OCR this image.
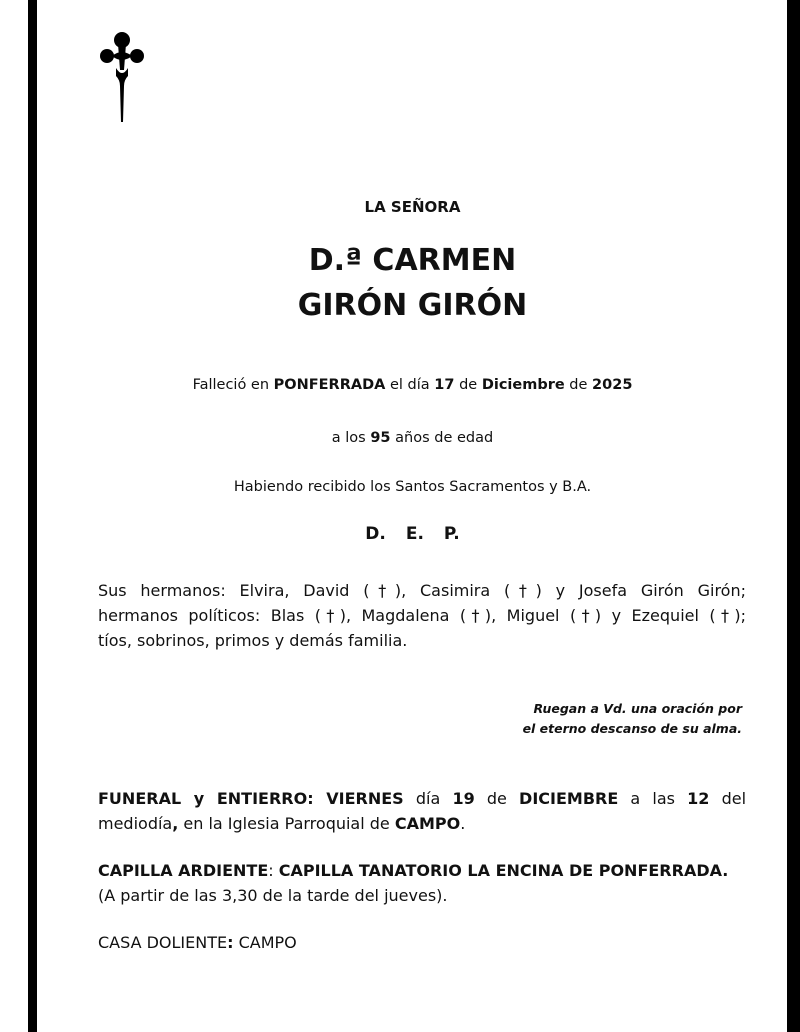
LA SEÑORA
D.ª CARMEN
GIRÓN GIRÓN
Falleció en PONFERRADA el día 17 de Diciembre de 2025
a los 95 años de edad
Habiendo recibido los Santos Sacramentos y B.A.
D. E. P.

Sus hermanos: Elvira, David (†), Casimira (†) y Josefa Girón Girón;

hermanos políticos: Blas (†), Magdalena (†), Miguel (†) y Ezequiel (†);

tíos, sobrinos, primos y demás familia.

Ruegan a Vd. una oración por
el eterno descanso de su alma.

FUNERAL y ENTIERRO: VIERNES día 19 de DICIEMBRE a las 12 del

mediodía, en la Iglesia Parroquial de CAMPO.

CAPILLA ARDIENTE: CAPILLA TANATORIO LA ENCINA DE PONFERRADA.

(A partir de las 3,30 de la tarde del jueves).

CASA DOLIENTE: CAMPO
